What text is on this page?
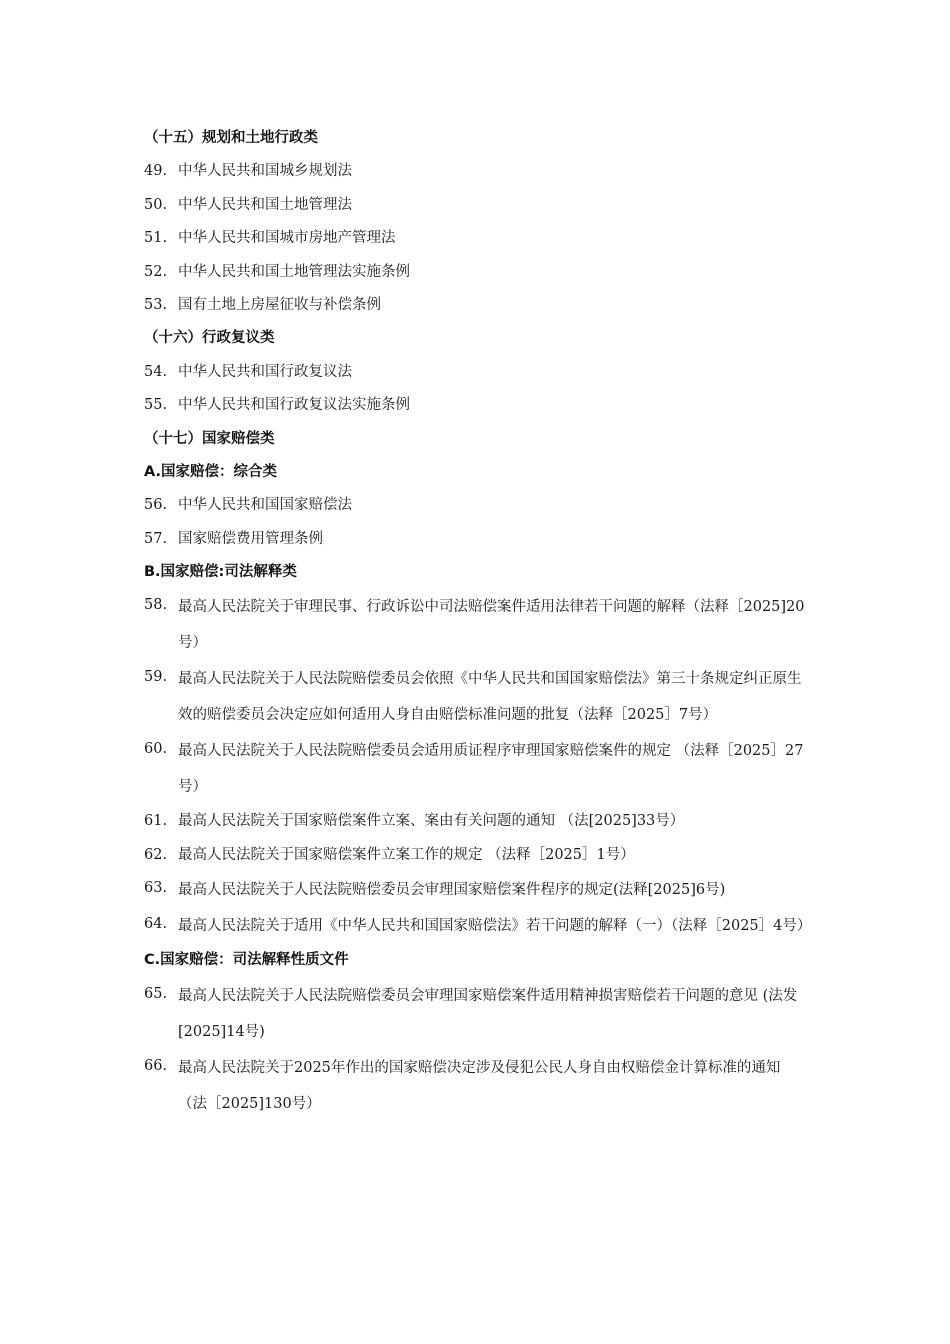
（十五）规划和土地行政类
49. 中华人民共和国城乡规划法
50. 中华人民共和国土地管理法
51. 中华人民共和国城市房地产管理法
52. 中华人民共和国土地管理法实施条例
53. 国有土地上房屋征收与补偿条例
（十六）行政复议类
54. 中华人民共和国行政复议法
55. 中华人民共和国行政复议法实施条例
（十七）国家赔偿类
A.国家赔偿：综合类
56. 中华人民共和国国家赔偿法
57. 国家赔偿费用管理条例
B.国家赔偿:司法解释类
58. 最高人民法院关于审理民事、行政诉讼中司法赔偿案件适用法律若干问题的解释（法释［2025]20号）
59. 最高人民法院关于人民法院赔偿委员会依照《中华人民共和国国家赔偿法》第三十条规定纠正原生效的赔偿委员会决定应如何适用人身自由赔偿标准问题的批复（法释［2025］7号）
60. 最高人民法院关于人民法院赔偿委员会适用质证程序审理国家赔偿案件的规定 （法释［2025］27号）
61. 最高人民法院关于国家赔偿案件立案、案由有关问题的通知 （法[2025]33号）
62. 最高人民法院关于国家赔偿案件立案工作的规定 （法释［2025］1号）
63. 最高人民法院关于人民法院赔偿委员会审理国家赔偿案件程序的规定(法释[2025]6号)
64. 最高人民法院关于适用《中华人民共和国国家赔偿法》若干问题的解释（一）（法释［2025］4号）
C.国家赔偿：司法解释性质文件
65. 最高人民法院关于人民法院赔偿委员会审理国家赔偿案件适用精神损害赔偿若干问题的意见 (法发[2025]14号)
66. 最高人民法院关于2025年作出的国家赔偿决定涉及侵犯公民人身自由权赔偿金计算标准的通知（法［2025]130号）
